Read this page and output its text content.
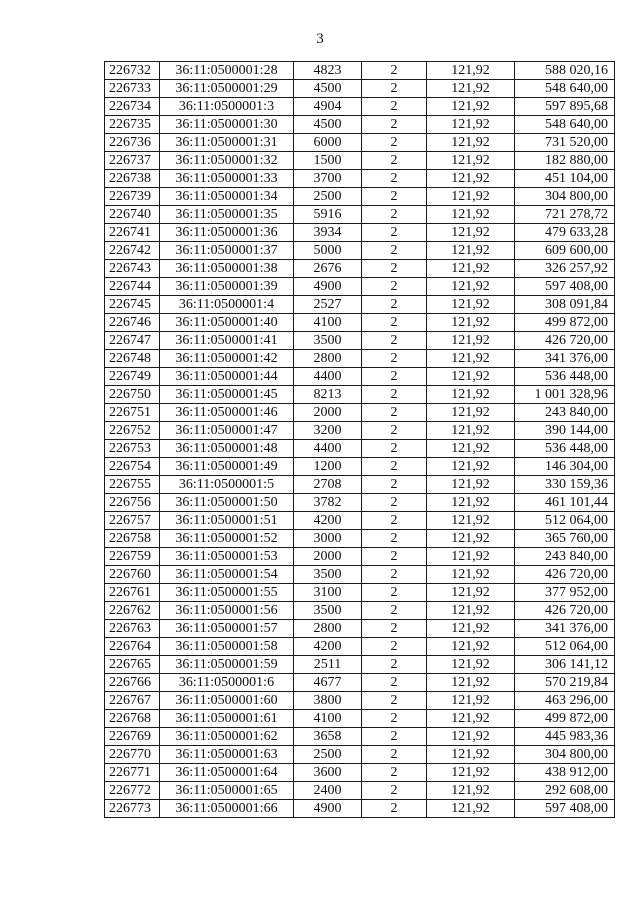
3
226732	36:11:0500001:28	4823	2	121,92	588 020,16
226733	36:11:0500001:29	4500	2	121,92	548 640,00
226734	36:11:0500001:3	4904	2	121,92	597 895,68
226735	36:11:0500001:30	4500	2	121,92	548 640,00
226736	36:11:0500001:31	6000	2	121,92	731 520,00
226737	36:11:0500001:32	1500	2	121,92	182 880,00
226738	36:11:0500001:33	3700	2	121,92	451 104,00
226739	36:11:0500001:34	2500	2	121,92	304 800,00
226740	36:11:0500001:35	5916	2	121,92	721 278,72
226741	36:11:0500001:36	3934	2	121,92	479 633,28
226742	36:11:0500001:37	5000	2	121,92	609 600,00
226743	36:11:0500001:38	2676	2	121,92	326 257,92
226744	36:11:0500001:39	4900	2	121,92	597 408,00
226745	36:11:0500001:4	2527	2	121,92	308 091,84
226746	36:11:0500001:40	4100	2	121,92	499 872,00
226747	36:11:0500001:41	3500	2	121,92	426 720,00
226748	36:11:0500001:42	2800	2	121,92	341 376,00
226749	36:11:0500001:44	4400	2	121,92	536 448,00
226750	36:11:0500001:45	8213	2	121,92	1 001 328,96
226751	36:11:0500001:46	2000	2	121,92	243 840,00
226752	36:11:0500001:47	3200	2	121,92	390 144,00
226753	36:11:0500001:48	4400	2	121,92	536 448,00
226754	36:11:0500001:49	1200	2	121,92	146 304,00
226755	36:11:0500001:5	2708	2	121,92	330 159,36
226756	36:11:0500001:50	3782	2	121,92	461 101,44
226757	36:11:0500001:51	4200	2	121,92	512 064,00
226758	36:11:0500001:52	3000	2	121,92	365 760,00
226759	36:11:0500001:53	2000	2	121,92	243 840,00
226760	36:11:0500001:54	3500	2	121,92	426 720,00
226761	36:11:0500001:55	3100	2	121,92	377 952,00
226762	36:11:0500001:56	3500	2	121,92	426 720,00
226763	36:11:0500001:57	2800	2	121,92	341 376,00
226764	36:11:0500001:58	4200	2	121,92	512 064,00
226765	36:11:0500001:59	2511	2	121,92	306 141,12
226766	36:11:0500001:6	4677	2	121,92	570 219,84
226767	36:11:0500001:60	3800	2	121,92	463 296,00
226768	36:11:0500001:61	4100	2	121,92	499 872,00
226769	36:11:0500001:62	3658	2	121,92	445 983,36
226770	36:11:0500001:63	2500	2	121,92	304 800,00
226771	36:11:0500001:64	3600	2	121,92	438 912,00
226772	36:11:0500001:65	2400	2	121,92	292 608,00
226773	36:11:0500001:66	4900	2	121,92	597 408,00
